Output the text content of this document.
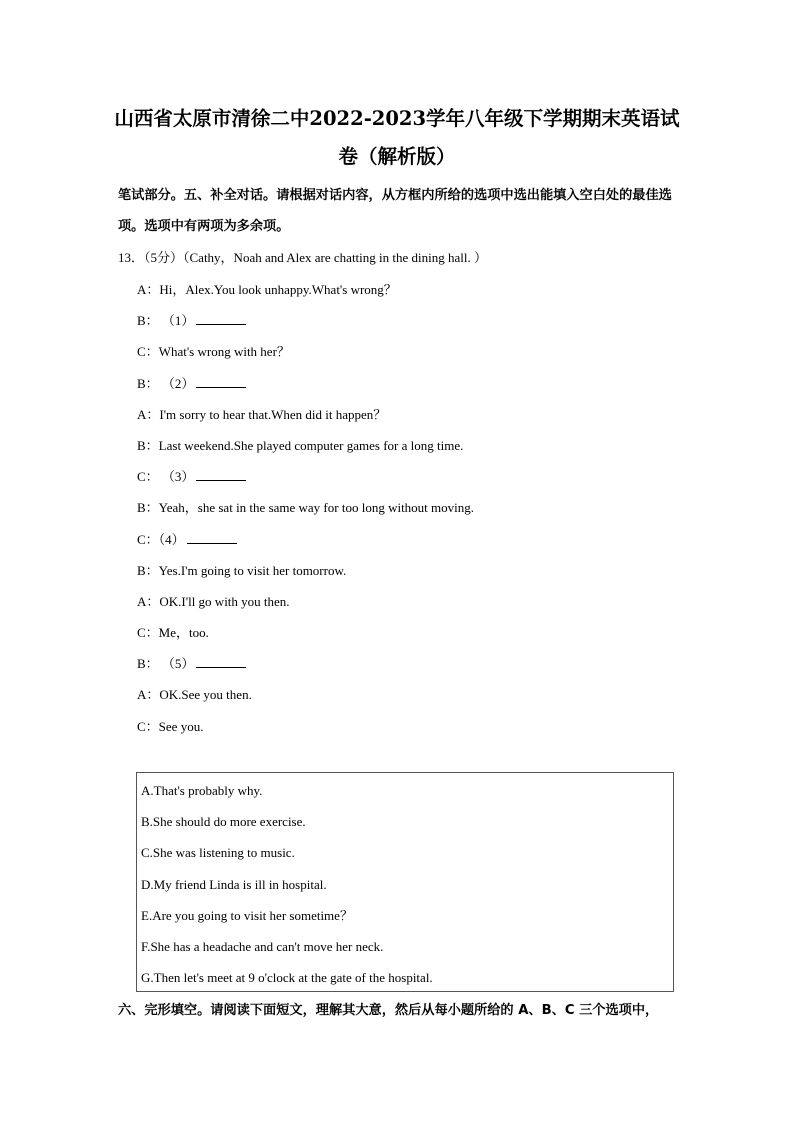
山西省太原市清徐二中2022-2023学年八年级下学期期末英语试卷（解析版）
笔试部分。五、补全对话。请根据对话内容，从方框内所给的选项中选出能填入空白处的最佳选项。选项中有两项为多余项。
13．（5分）（Cathy，Noah and Alex are chatting in the dining hall. ）
A：Hi，Alex.You look unhappy.What's wrong？
B： （1）
C：What's wrong with her？
B： （2）
A：I'm sorry to hear that.When did it happen？
B：Last weekend.She played computer games for a long time.
C： （3）
B：Yeah，she sat in the same way for too long without moving.
C：（4）
B：Yes.I'm going to visit her tomorrow.
A：OK.I'll go with you then.
C：Me，too.
B： （5）
A：OK.See you then.
C：See you.
A.That's probably why.
B.She should do more exercise.
C.She was listening to music.
D.My friend Linda is ill in hospital.
E.Are you going to visit her sometime？
F.She has a headache and can't move her neck.
G.Then let's meet at 9 o'clock at the gate of the hospital.
六、完形填空。请阅读下面短文，理解其大意，然后从每小题所给的 A、B、C 三个选项中，
